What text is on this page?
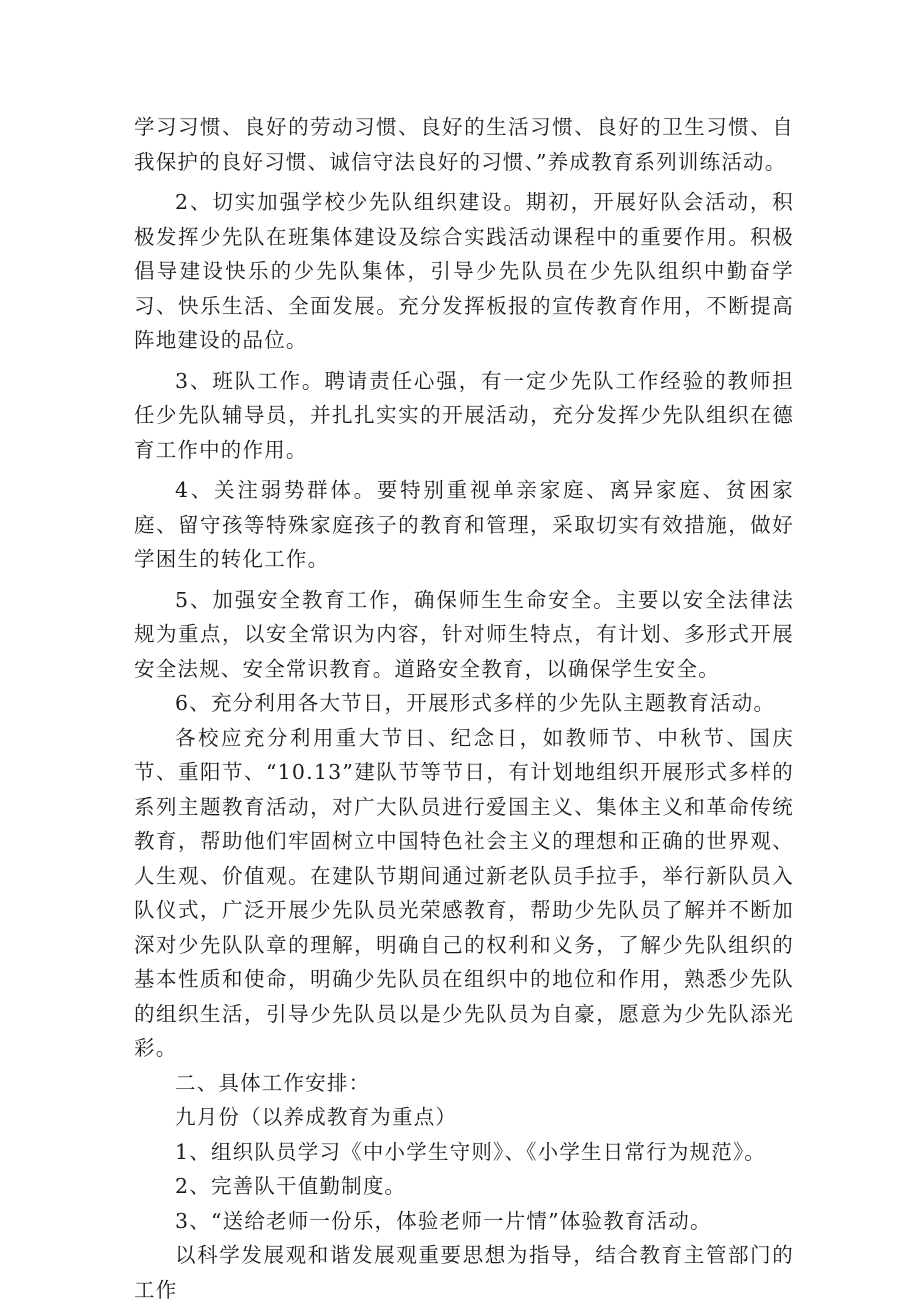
学习习惯、良好的劳动习惯、良好的生活习惯、良好的卫生习惯、自我保护的良好习惯、诚信守法良好的习惯、”养成教育系列训练活动。

2、切实加强学校少先队组织建设。期初，开展好队会活动，积极发挥少先队在班集体建设及综合实践活动课程中的重要作用。积极倡导建设快乐的少先队集体，引导少先队员在少先队组织中勤奋学习、快乐生活、全面发展。充分发挥板报的宣传教育作用，不断提高阵地建设的品位。

3、班队工作。聘请责任心强，有一定少先队工作经验的教师担任少先队辅导员，并扎扎实实的开展活动，充分发挥少先队组织在德育工作中的作用。

4、关注弱势群体。要特别重视单亲家庭、离异家庭、贫困家庭、留守孩等特殊家庭孩子的教育和管理，采取切实有效措施，做好学困生的转化工作。

5、加强安全教育工作，确保师生生命安全。主要以安全法律法规为重点，以安全常识为内容，针对师生特点，有计划、多形式开展安全法规、安全常识教育。道路安全教育，以确保学生安全。

6、充分利用各大节日，开展形式多样的少先队主题教育活动。

各校应充分利用重大节日、纪念日，如教师节、中秋节、国庆节、重阳节、“10.13”建队节等节日，有计划地组织开展形式多样的系列主题教育活动，对广大队员进行爱国主义、集体主义和革命传统教育，帮助他们牢固树立中国特色社会主义的理想和正确的世界观、人生观、价值观。在建队节期间通过新老队员手拉手，举行新队员入队仪式，广泛开展少先队员光荣感教育，帮助少先队员了解并不断加深对少先队队章的理解，明确自己的权利和义务，了解少先队组织的基本性质和使命，明确少先队员在组织中的地位和作用，熟悉少先队的组织生活，引导少先队员以是少先队员为自豪，愿意为少先队添光彩。

二、具体工作安排：

九月份（以养成教育为重点）

1、组织队员学习《中小学生守则》、《小学生日常行为规范》。

2、完善队干值勤制度。

3、“送给老师一份乐，体验老师一片情”体验教育活动。

以科学发展观和谐发展观重要思想为指导，结合教育主管部门的工作
